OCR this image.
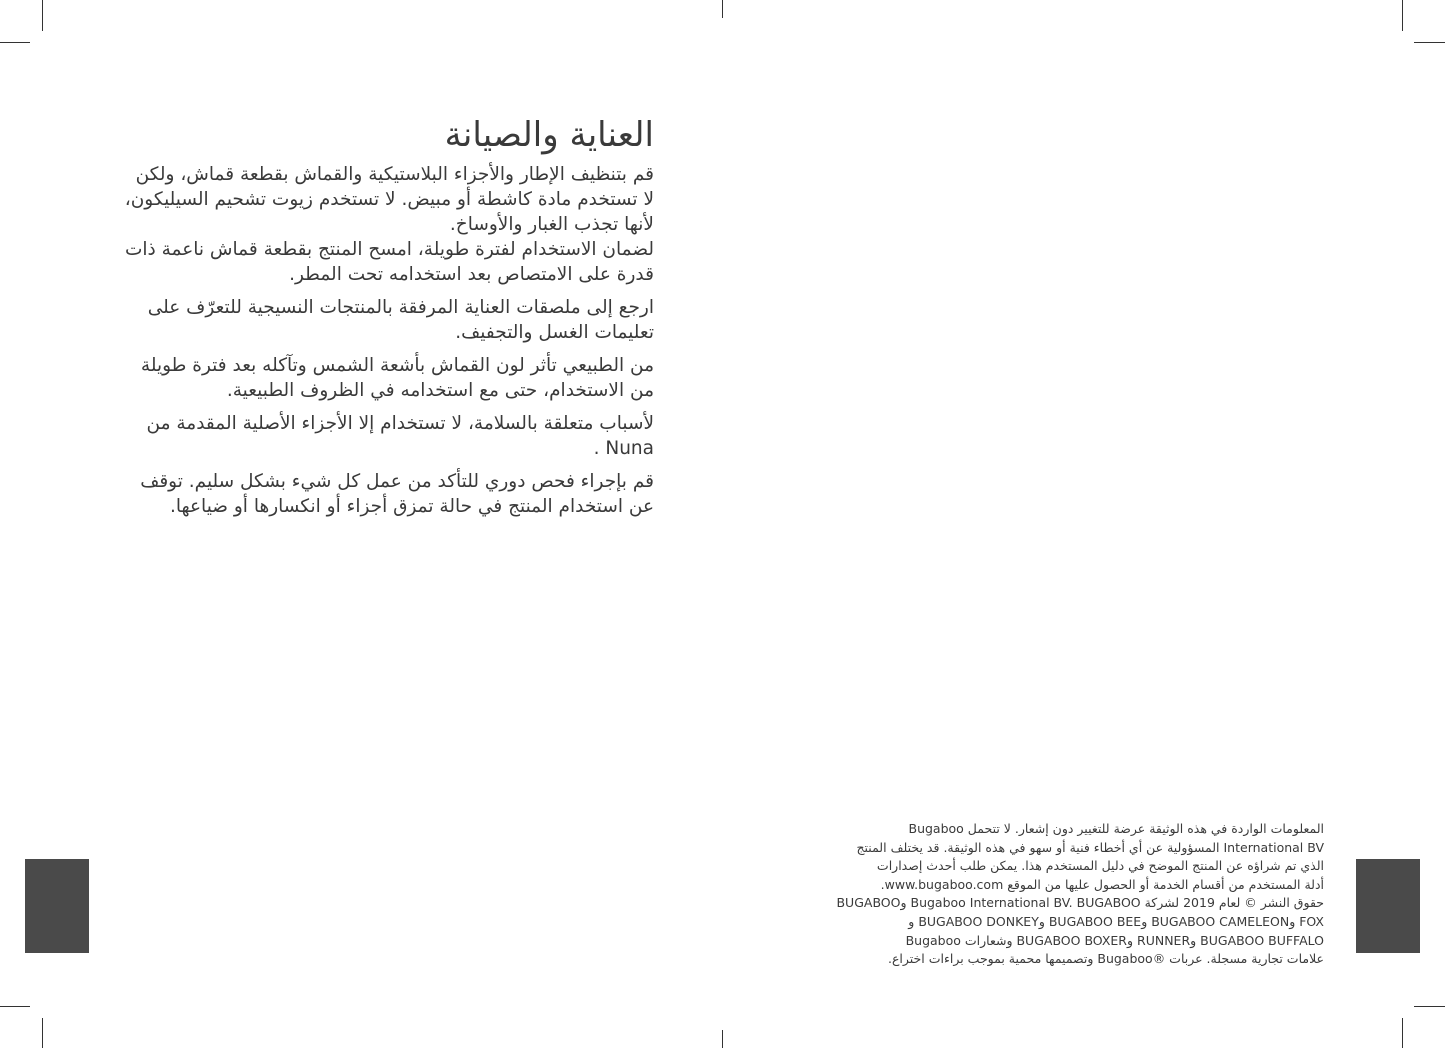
العناية والصيانة

قم بتنظيف الإطار والأجزاء البلاستيكية والقماش بقطعة قماش، ولكن لا تستخدم مادة كاشطة أو مبيض. لا تستخدم زيوت تشحيم السيليكون، لأنها تجذب الغبار والأوساخ.

لضمان الاستخدام لفترة طويلة، امسح المنتج بقطعة قماش ناعمة ذات قدرة على الامتصاص بعد استخدامه تحت المطر.

ارجع إلى ملصقات العناية المرفقة بالمنتجات النسيجية للتعرّف على تعليمات الغسل والتجفيف.

من الطبيعي تأثر لون القماش بأشعة الشمس وتآكله بعد فترة طويلة من الاستخدام، حتى مع استخدامه في الظروف الطبيعية.

لأسباب متعلقة بالسلامة، لا تستخدام إلا الأجزاء الأصلية المقدمة من Nuna .

قم بإجراء فحص دوري للتأكد من عمل كل شيء بشكل سليم. توقف عن استخدام المنتج في حالة تمزق أجزاء أو انكسارها أو ضياعها.

المعلومات الواردة في هذه الوثيقة عرضة للتغيير دون إشعار. لا تتحمل Bugaboo
International BV المسؤولية عن أي أخطاء فنية أو سهو في هذه الوثيقة. قد يختلف المنتج
الذي تم شراؤه عن المنتج الموضح في دليل المستخدم هذا. يمكن طلب أحدث إصدارات
أدلة المستخدم من أقسام الخدمة أو الحصول عليها من الموقع www.bugaboo.com.
حقوق النشر © لعام 2019 لشركة Bugaboo International BV. BUGABOO وBUGABOO
FOX وBUGABOO CAMELEON وBUGABOO BEE وBUGABOO DONKEY و
BUGABOO BUFFALO وRUNNER وBUGABOO BOXER وشعارات Bugaboo
علامات تجارية مسجلة. عربات ®Bugaboo وتصميمها محمية بموجب براءات اختراع.
